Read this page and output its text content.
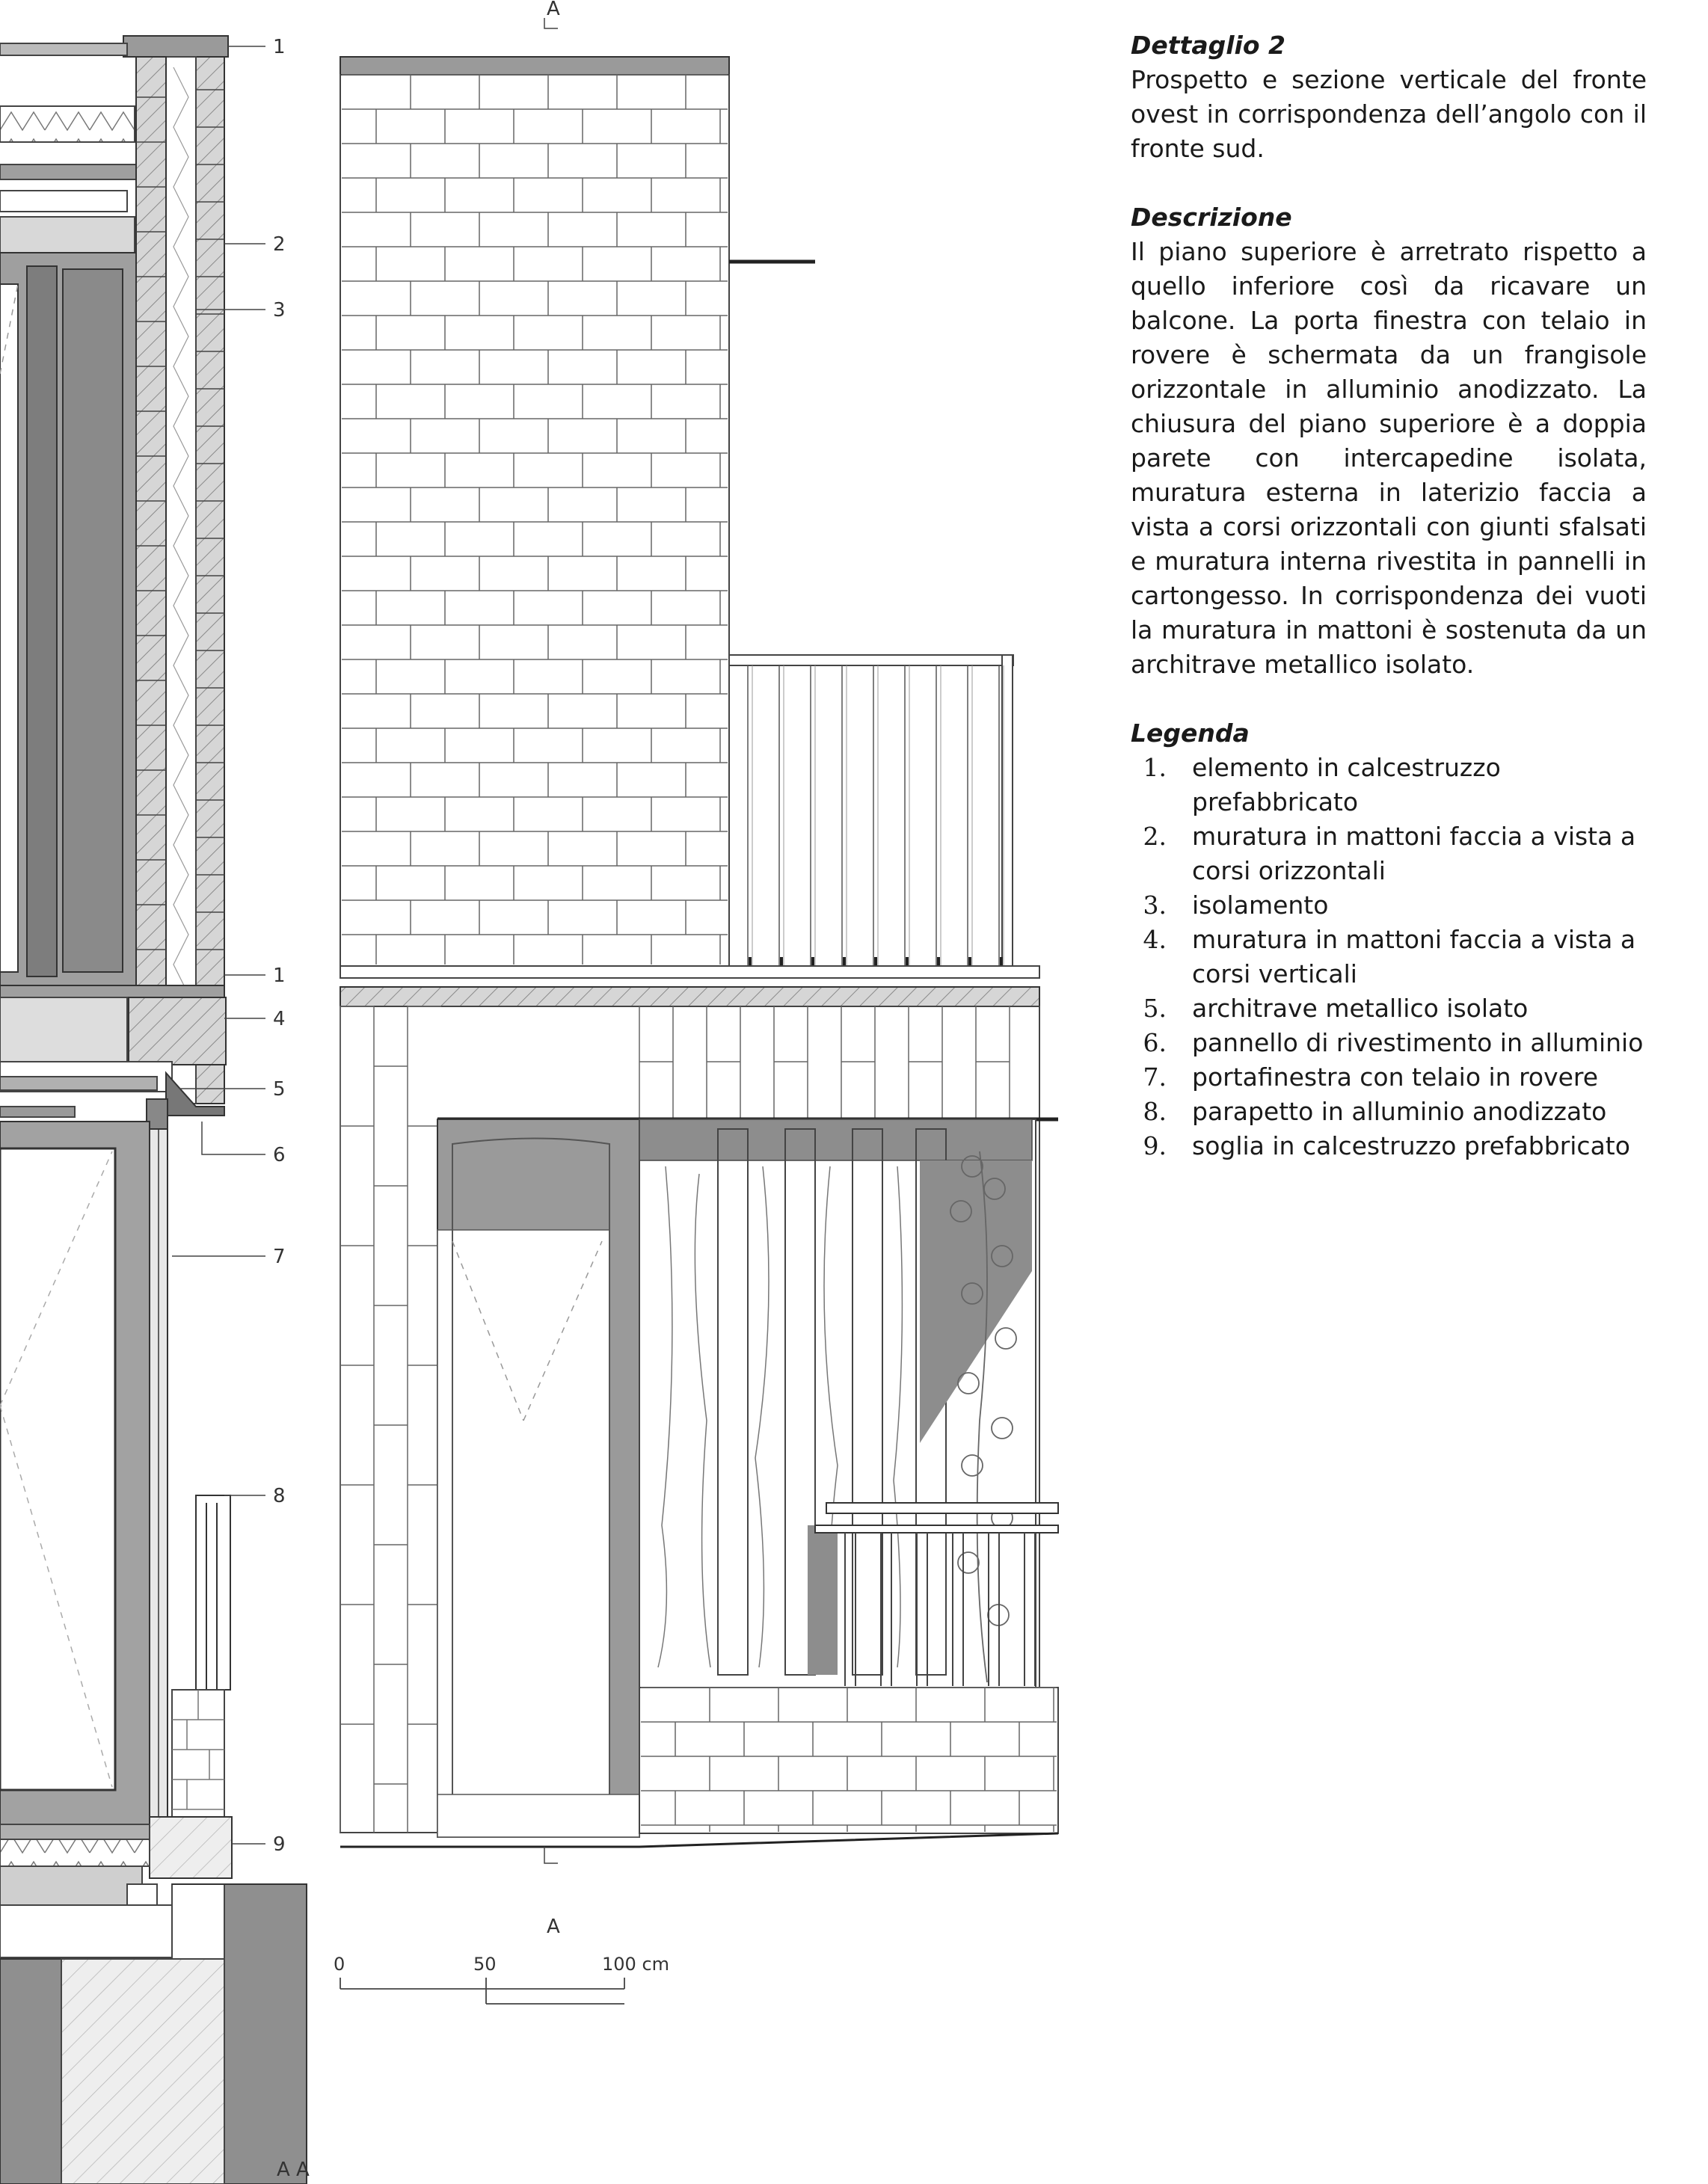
1
2
3
1
4
5
6
7
8
9
A
A
0	50	100 cm
A A
Dettaglio 2

Prospetto e sezione verticale del fronte ovest in corrispondenza dell’angolo con il fronte sud.

Descrizione

Il piano superiore è arretrato rispetto a quello inferiore così da ricavare un balcone. La porta finestra con telaio in rovere è schermata da un frangisole orizzontale in alluminio anodizzato. La chiusura del piano superiore è a doppia parete con intercapedine isolata, muratura esterna in laterizio faccia a vista a corsi orizzontali con giunti sfalsati e muratura interna rivestita in pannelli in cartongesso. In corrispondenza dei vuoti la muratura in mattoni è sostenuta da un architrave metallico isolato.

Legenda
1.	elemento in calcestruzzo prefabbricato
2.	muratura in mattoni faccia a vista a corsi orizzontali
3.	isolamento
4.	muratura in mattoni faccia a vista a corsi verticali
5.	architrave metallico isolato
6.	pannello di rivestimento in alluminio
7.	portafinestra con telaio in rovere
8.	parapetto in alluminio anodizzato
9.	soglia in calcestruzzo prefabbricato
